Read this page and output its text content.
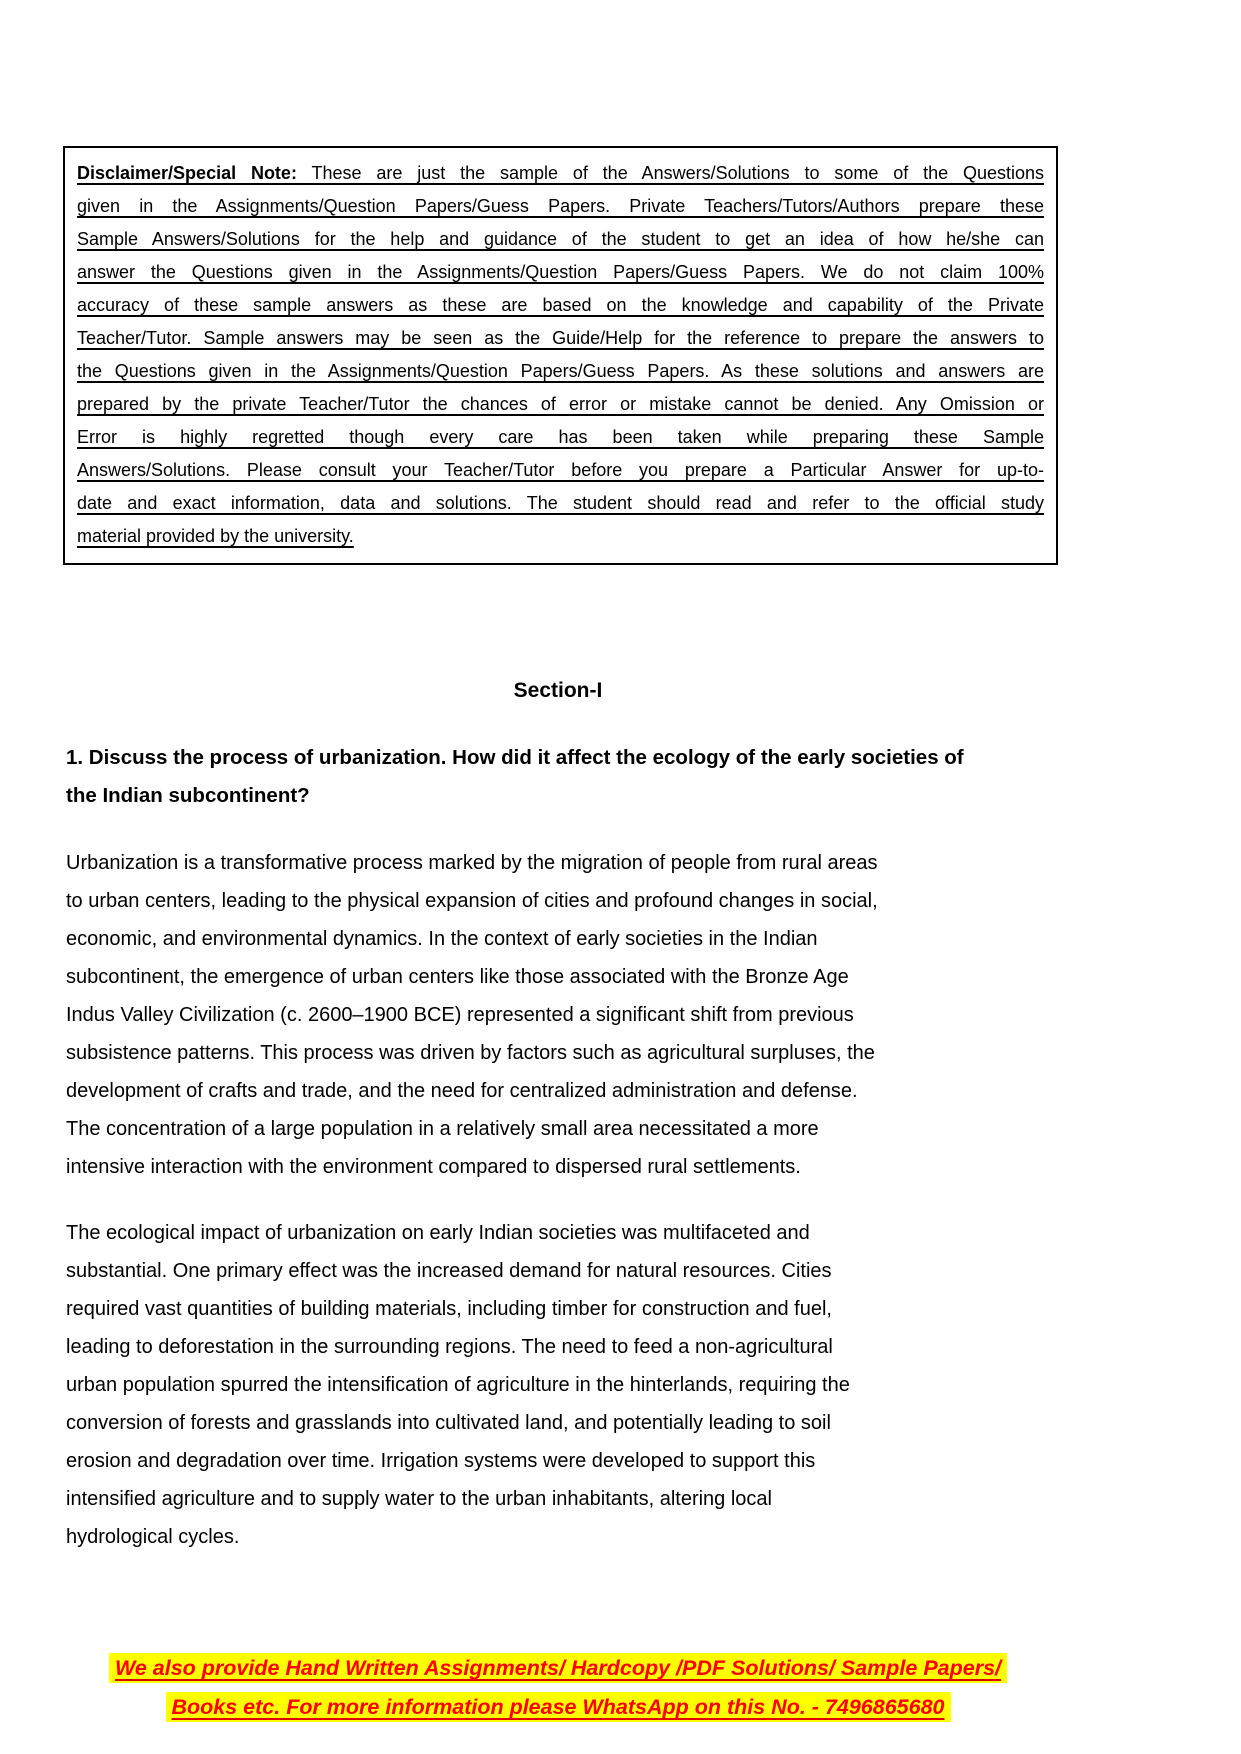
Disclaimer/Special Note: These are just the sample of the Answers/Solutions to some of the Questions
given in the Assignments/Question Papers/Guess Papers. Private Teachers/Tutors/Authors prepare these
Sample Answers/Solutions for the help and guidance of the student to get an idea of how he/she can
answer the Questions given in the Assignments/Question Papers/Guess Papers. We do not claim 100%
accuracy of these sample answers as these are based on the knowledge and capability of the Private
Teacher/Tutor. Sample answers may be seen as the Guide/Help for the reference to prepare the answers to
the Questions given in the Assignments/Question Papers/Guess Papers. As these solutions and answers are
prepared by the private Teacher/Tutor the chances of error or mistake cannot be denied. Any Omission or
Error is highly regretted though every care has been taken while preparing these Sample
Answers/Solutions. Please consult your Teacher/Tutor before you prepare a Particular Answer for up-to-
date and exact information, data and solutions. The student should read and refer to the official study
material provided by the university.
Section-I
1. Discuss the process of urbanization. How did it affect the ecology of the early societies of
the Indian subcontinent?
Urbanization is a transformative process marked by the migration of people from rural areas
to urban centers, leading to the physical expansion of cities and profound changes in social,
economic, and environmental dynamics. In the context of early societies in the Indian
subcontinent, the emergence of urban centers like those associated with the Bronze Age
Indus Valley Civilization (c. 2600–1900 BCE) represented a significant shift from previous
subsistence patterns. This process was driven by factors such as agricultural surpluses, the
development of crafts and trade, and the need for centralized administration and defense.
The concentration of a large population in a relatively small area necessitated a more
intensive interaction with the environment compared to dispersed rural settlements.
The ecological impact of urbanization on early Indian societies was multifaceted and
substantial. One primary effect was the increased demand for natural resources. Cities
required vast quantities of building materials, including timber for construction and fuel,
leading to deforestation in the surrounding regions. The need to feed a non-agricultural
urban population spurred the intensification of agriculture in the hinterlands, requiring the
conversion of forests and grasslands into cultivated land, and potentially leading to soil
erosion and degradation over time. Irrigation systems were developed to support this
intensified agriculture and to supply water to the urban inhabitants, altering local
hydrological cycles.
We also provide Hand Written Assignments/ Hardcopy /PDF Solutions/ Sample Papers/
Books etc. For more information please WhatsApp on this No. - 7496865680
